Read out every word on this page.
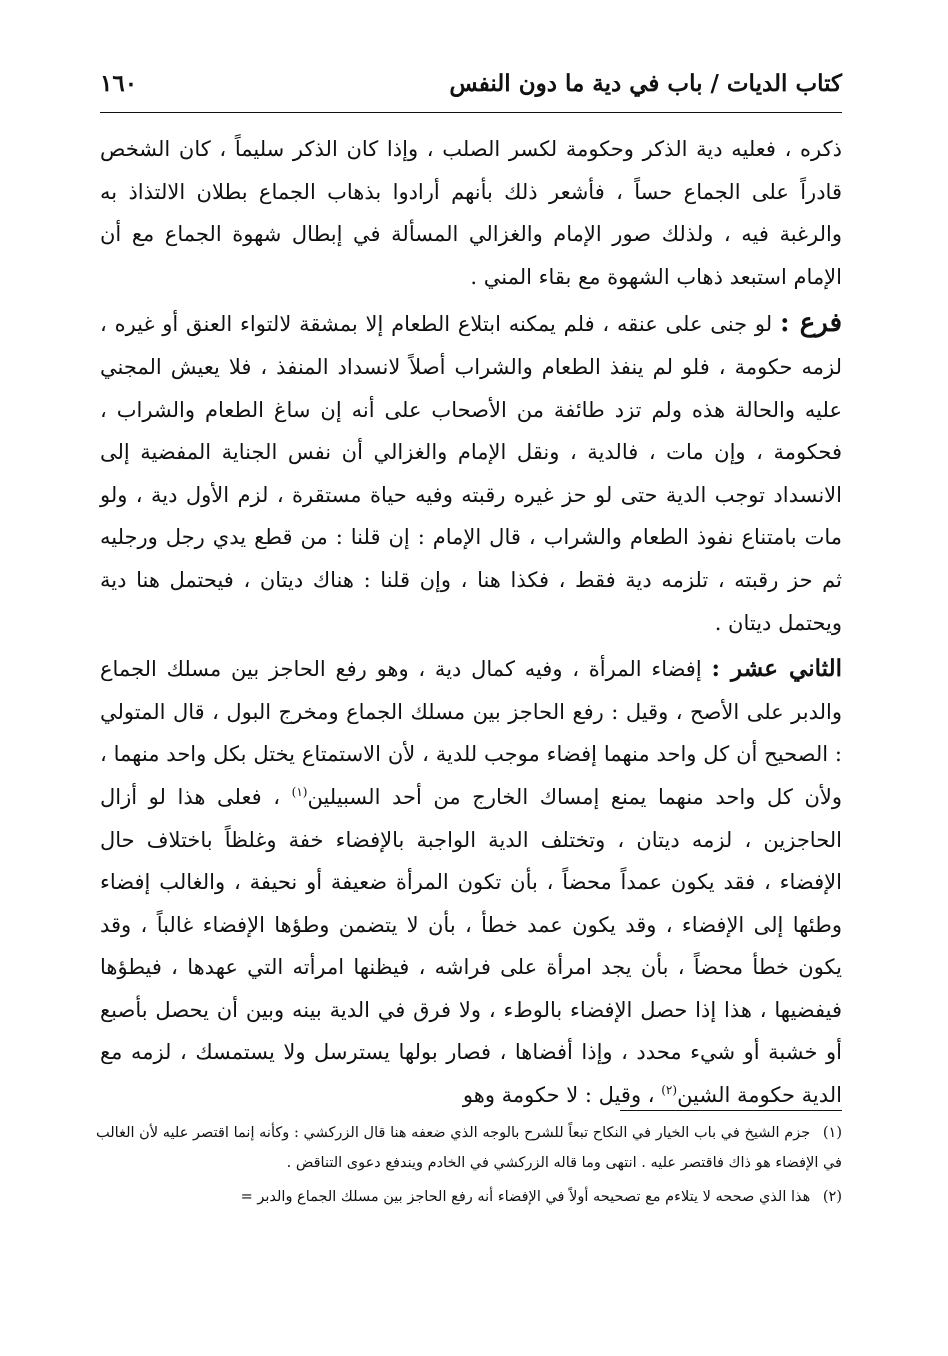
كتاب الديات / باب في دية ما دون النفس
١٦٠

ذكره ، فعليه دية الذكر وحكومة لكسر الصلب ، وإذا كان الذكر سليماً ، كان الشخص قادراً على الجماع حساً ، فأشعر ذلك بأنهم أرادوا بذهاب الجماع بطلان الالتذاذ به والرغبة فيه ، ولذلك صور الإمام والغزالي المسألة في إبطال شهوة الجماع مع أن الإمام استبعد ذهاب الشهوة مع بقاء المني .

فرع : لو جنى على عنقه ، فلم يمكنه ابتلاع الطعام إلا بمشقة لالتواء العنق أو غيره ، لزمه حكومة ، فلو لم ينفذ الطعام والشراب أصلاً لانسداد المنفذ ، فلا يعيش المجني عليه والحالة هذه ولم تزد طائفة من الأصحاب على أنه إن ساغ الطعام والشراب ، فحكومة ، وإن مات ، فالدية ، ونقل الإمام والغزالي أن نفس الجناية المفضية إلى الانسداد توجب الدية حتى لو حز غيره رقبته وفيه حياة مستقرة ، لزم الأول دية ، ولو مات بامتناع نفوذ الطعام والشراب ، قال الإمام : إن قلنا : من قطع يدي رجل ورجليه ثم حز رقبته ، تلزمه دية فقط ، فكذا هنا ، وإن قلنا : هناك ديتان ، فيحتمل هنا دية ويحتمل ديتان .

الثاني عشر : إفضاء المرأة ، وفيه كمال دية ، وهو رفع الحاجز بين مسلك الجماع والدبر على الأصح ، وقيل : رفع الحاجز بين مسلك الجماع ومخرج البول ، قال المتولي : الصحيح أن كل واحد منهما إفضاء موجب للدية ، لأن الاستمتاع يختل بكل واحد منهما ، ولأن كل واحد منهما يمنع إمساك الخارج من أحد السبيلين$^{(١)}$ ، فعلى هذا لو أزال الحاجزين ، لزمه ديتان ، وتختلف الدية الواجبة بالإفضاء خفة وغلظاً باختلاف حال الإفضاء ، فقد يكون عمداً محضاً ، بأن تكون المرأة ضعيفة أو نحيفة ، والغالب إفضاء وطئها إلى الإفضاء ، وقد يكون عمد خطأ ، بأن لا يتضمن وطؤها الإفضاء غالباً ، وقد يكون خطأ محضاً ، بأن يجد امرأة على فراشه ، فيظنها امرأته التي عهدها ، فيطؤها فيفضيها ، هذا إذا حصل الإفضاء بالوطء ، ولا فرق في الدية بينه وبين أن يحصل بأصبع أو خشبة أو شيء محدد ، وإذا أفضاها ، فصار بولها يسترسل ولا يستمسك ، لزمه مع الدية حكومة الشين$^{(٢)}$ ، وقيل : لا حكومة وهو

(١) جزم الشيخ في باب الخيار في النكاح تبعاً للشرح بالوجه الذي ضعفه هنا قال الزركشي : وكأنه إنما اقتصر عليه لأن الغالب في الإفضاء هو ذاك فاقتصر عليه . انتهى وما قاله الزركشي في الخادم ويندفع دعوى التناقض .

(٢) هذا الذي صححه لا يتلاءم مع تصحيحه أولاً في الإفضاء أنه رفع الحاجز بين مسلك الجماع والدبر =
